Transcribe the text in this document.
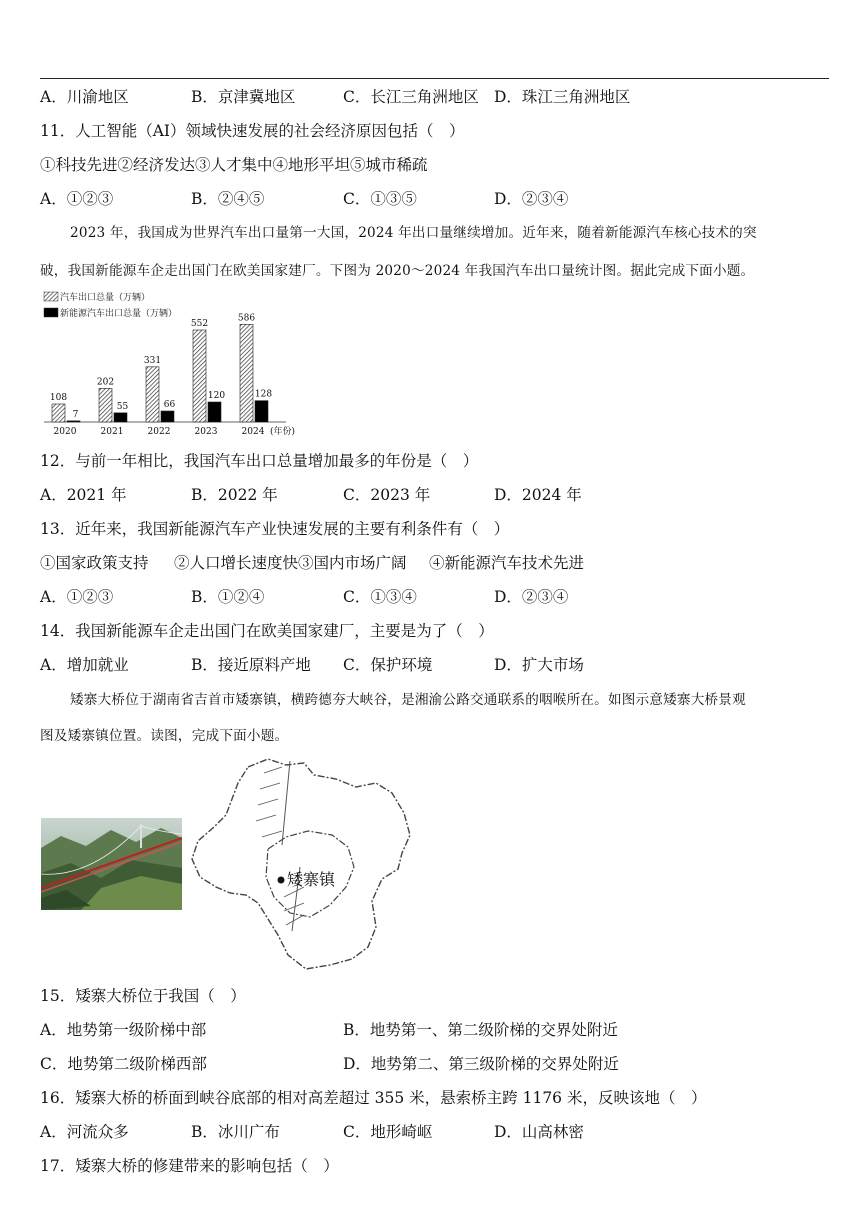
A．川渝地区	B．京津冀地区	C．长江三角洲地区 D．珠江三角洲地区
11．人工智能（AI）领域快速发展的社会经济原因包括（　）
①科技先进②经济发达③人才集中④地形平坦⑤城市稀疏
A．①②③	B．②④⑤	C．①③⑤	D．②③④
2023 年，我国成为世界汽车出口量第一大国，2024 年出口量继续增加。近年来，随着新能源汽车核心技术的突
破，我国新能源车企走出国门在欧美国家建厂。下图为 2020～2024 年我国汽车出口量统计图。据此完成下面小题。
汽车出口总量（万辆）
新能源汽车出口总量（万辆）
108
7
2020
202
55
2021
331
66
2022
552
120
2023
586
128
2024 (年份)
12．与前一年相比，我国汽车出口总量增加最多的年份是（　）
A．2021 年	B．2022 年	C．2023 年	D．2024 年
13．近年来，我国新能源汽车产业快速发展的主要有利条件有（　）
①国家政策支持 ②人口增长速度快③国内市场广阔 ④新能源汽车技术先进
A．①②③	B．①②④	C．①③④	D．②③④
14．我国新能源车企走出国门在欧美国家建厂，主要是为了（　）
A．增加就业	B．接近原料产地 C．保护环境	D．扩大市场
矮寨大桥位于湖南省吉首市矮寨镇，横跨德夯大峡谷，是湘渝公路交通联系的咽喉所在。如图示意矮寨大桥景观
图及矮寨镇位置。读图，完成下面小题。
矮寨镇
15．矮寨大桥位于我国（　）
A．地势第一级阶梯中部	B．地势第一、第二级阶梯的交界处附近
C．地势第二级阶梯西部	D．地势第二、第三级阶梯的交界处附近
16．矮寨大桥的桥面到峡谷底部的相对高差超过 355 米，悬索桥主跨 1176 米，反映该地（　）
A．河流众多	B．冰川广布	C．地形崎岖	D．山高林密
17．矮寨大桥的修建带来的影响包括（　）
